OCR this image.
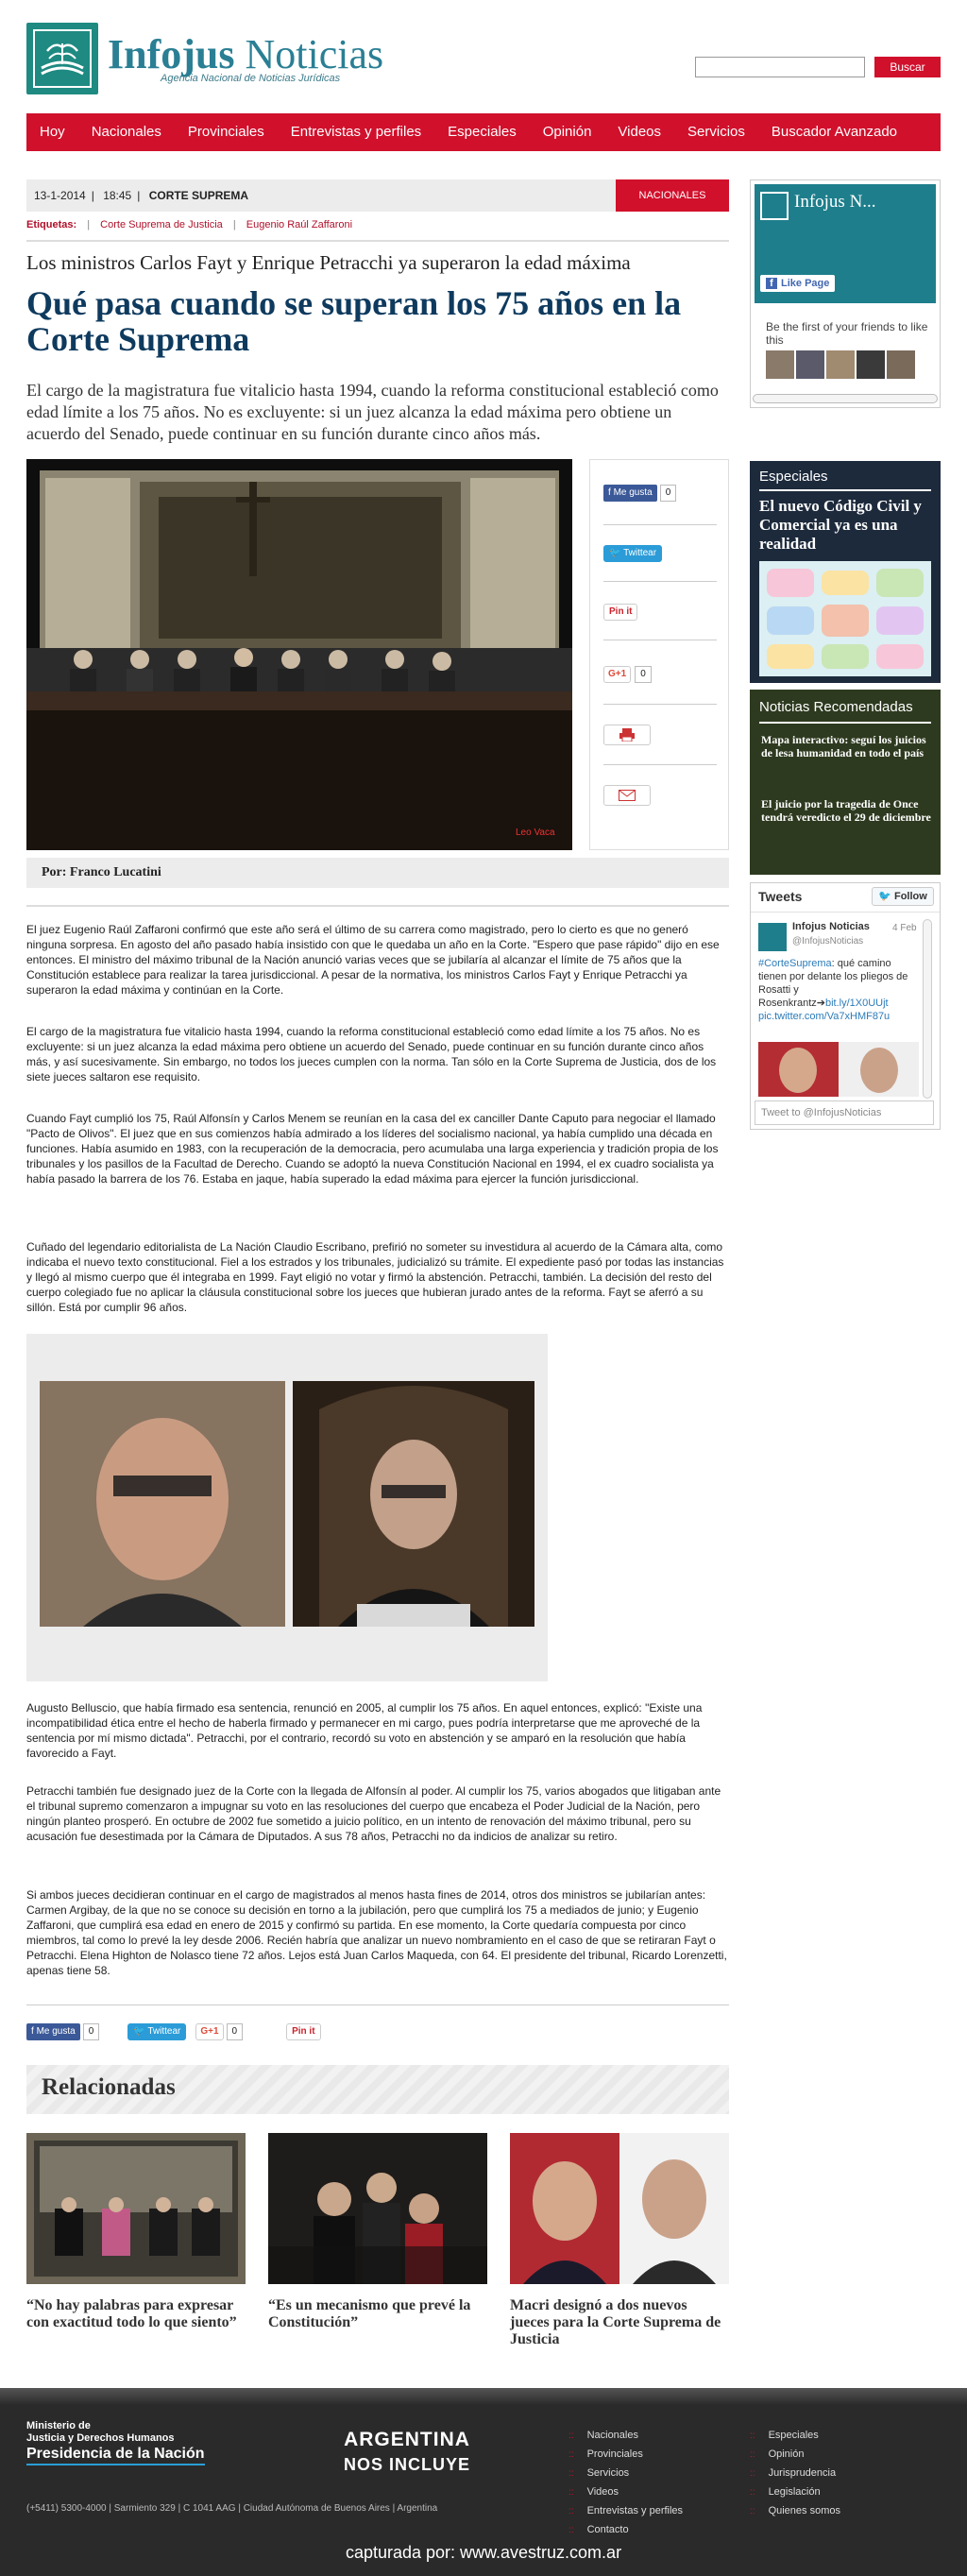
Infojus Noticias
Agencia Nacional de Noticias Jurídicas
Buscar
Hoy	Nacionales	Provinciales	Entrevistas y perfiles	Especiales	Opinión	Videos	Servicios	Buscador Avanzado
13-1-2014 | 18:45 | CORTE SUPREMA	NACIONALES
Etiquetas: | Corte Suprema de Justicia | Eugenio Raúl Zaffaroni
Los ministros Carlos Fayt y Enrique Petracchi ya superaron la edad máxima
Qué pasa cuando se superan los 75 años en la Corte Suprema
El cargo de la magistratura fue vitalicio hasta 1994, cuando la reforma constitucional estableció como edad límite a los 75 años. No es excluyente: si un juez alcanza la edad máxima pero obtiene un acuerdo del Senado, puede continuar en su función durante cinco años más.
Leo Vaca
f Me gusta	0
🐦 Twittear
Pin it
G+1	0
Por: Franco Lucatini

El juez Eugenio Raúl Zaffaroni confirmó que este año será el último de su carrera como magistrado, pero lo cierto es que no generó ninguna sorpresa. En agosto del año pasado había insistido con que le quedaba un año en la Corte. "Espero que pase rápido" dijo en ese entonces. El ministro del máximo tribunal de la Nación anunció varias veces que se jubilaría al alcanzar el límite de 75 años que la Constitución establece para realizar la tarea jurisdiccional. A pesar de la normativa, los ministros Carlos Fayt y Enrique Petracchi ya superaron la edad máxima y continúan en la Corte.

El cargo de la magistratura fue vitalicio hasta 1994, cuando la reforma constitucional estableció como edad límite a los 75 años. No es excluyente: si un juez alcanza la edad máxima pero obtiene un acuerdo del Senado, puede continuar en su función durante cinco años más, y así sucesivamente. Sin embargo, no todos los jueces cumplen con la norma. Tan sólo en la Corte Suprema de Justicia, dos de los siete jueces saltaron ese requisito.

Cuando Fayt cumplió los 75, Raúl Alfonsín y Carlos Menem se reunían en la casa del ex canciller Dante Caputo para negociar el llamado "Pacto de Olivos". El juez que en sus comienzos había admirado a los líderes del socialismo nacional, ya había cumplido una década en funciones. Había asumido en 1983, con la recuperación de la democracia, pero acumulaba una larga experiencia y tradición propia de los tribunales y los pasillos de la Facultad de Derecho. Cuando se adoptó la nueva Constitución Nacional en 1994, el ex cuadro socialista ya había pasado la barrera de los 76. Estaba en jaque, había superado la edad máxima para ejercer la función jurisdiccional.

Cuñado del legendario editorialista de La Nación Claudio Escribano, prefirió no someter su investidura al acuerdo de la Cámara alta, como indicaba el nuevo texto constitucional. Fiel a los estrados y los tribunales, judicializó su trámite. El expediente pasó por todas las instancias y llegó al mismo cuerpo que él integraba en 1999. Fayt eligió no votar y firmó la abstención. Petracchi, también. La decisión del resto del cuerpo colegiado fue no aplicar la cláusula constitucional sobre los jueces que hubieran jurado antes de la reforma. Fayt se aferró a su sillón. Está por cumplir 96 años.

Augusto Belluscio, que había firmado esa sentencia, renunció en 2005, al cumplir los 75 años. En aquel entonces, explicó: "Existe una incompatibilidad ética entre el hecho de haberla firmado y permanecer en mi cargo, pues podría interpretarse que me aproveché de la sentencia por mí mismo dictada". Petracchi, por el contrario, recordó su voto en abstención y se amparó en la resolución que había favorecido a Fayt.

Petracchi también fue designado juez de la Corte con la llegada de Alfonsín al poder. Al cumplir los 75, varios abogados que litigaban ante el tribunal supremo comenzaron a impugnar su voto en las resoluciones del cuerpo que encabeza el Poder Judicial de la Nación, pero ningún planteo prosperó. En octubre de 2002 fue sometido a juicio político, en un intento de renovación del máximo tribunal, pero su acusación fue desestimada por la Cámara de Diputados. A sus 78 años, Petracchi no da indicios de analizar su retiro.

Si ambos jueces decidieran continuar en el cargo de magistrados al menos hasta fines de 2014, otros dos ministros se jubilarían antes: Carmen Argibay, de la que no se conoce su decisión en torno a la jubilación, pero que cumplirá los 75 a mediados de junio; y Eugenio Zaffaroni, que cumplirá esa edad en enero de 2015 y confirmó su partida. En ese momento, la Corte quedaría compuesta por cinco miembros, tal como lo prevé la ley desde 2006. Recién habría que analizar un nuevo nombramiento en el caso de que se retiraran Fayt o Petracchi. Elena Highton de Nolasco tiene 72 años. Lejos está Juan Carlos Maqueda, con 64. El presidente del tribunal, Ricardo Lorenzetti, apenas tiene 58.

f Me gusta	0	🐦 Twittear	G+1	0	Pin it
Relacionadas
“No hay palabras para expresar con exactitud todo lo que siento”
“Es un mecanismo que prevé la Constitución”
Macri designó a dos nuevos jueces para la Corte Suprema de Justicia
Infojus N...
f Like Page
Be the first of your friends to like this
Especiales
El nuevo Código Civil y Comercial ya es una realidad
Noticias Recomendadas
Mapa interactivo: seguí los juicios de lesa humanidad en todo el país
El juicio por la tragedia de Once tendrá veredicto el 29 de diciembre
Tweets	🐦 Follow
Infojus Noticias 4 Feb
@InfojusNoticias
#CorteSuprema: qué camino tienen por delante los pliegos de Rosatti y Rosenkrantz➔bit.ly/1X0UUjt
pic.twitter.com/Va7xHMF87u
Tweet to @InfojusNoticias
Ministerio de
Justicia y Derechos Humanos
Presidencia de la Nación
ARGENTINA
NOS INCLUYE
(+5411) 5300-4000 | Sarmiento 329 | C 1041 AAG | Ciudad Autónoma de Buenos Aires | Argentina
:: Nacionales
:: Provinciales
:: Servicios
:: Videos
:: Entrevistas y perfiles
:: Contacto
:: Especiales
:: Opinión
:: Jurisprudencia
:: Legislación
:: Quienes somos
capturada por: www.avestruz.com.ar
